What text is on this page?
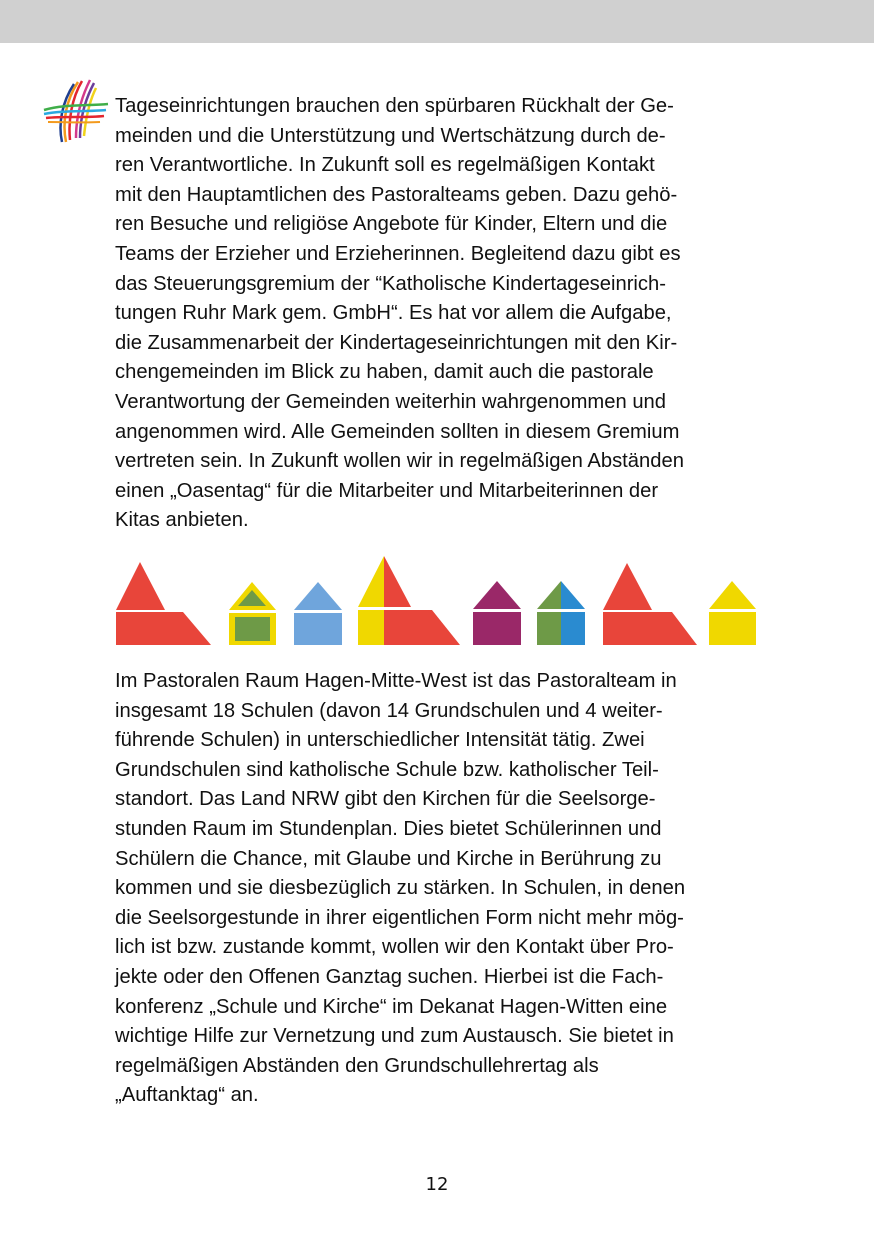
Tageseinrichtungen brauchen den spürbaren Rückhalt der Ge-
meinden und die Unterstützung und Wertschätzung durch de-
ren Verantwortliche. In Zukunft soll es regelmäßigen Kontakt
mit den Hauptamtlichen des Pastoralteams geben. Dazu gehö-
ren Besuche und religiöse Angebote für Kinder, Eltern und die
Teams der Erzieher und Erzieherinnen. Begleitend dazu gibt es
das Steuerungsgremium der “Katholische Kindertageseinrich-
tungen Ruhr Mark gem. GmbH“. Es hat vor allem die Aufgabe,
die Zusammenarbeit der Kindertageseinrichtungen mit den Kir-
chengemeinden im Blick zu haben, damit auch die pastorale
Verantwortung der Gemeinden weiterhin wahrgenommen und
angenommen wird. Alle Gemeinden sollten in diesem Gremium
vertreten sein. In Zukunft wollen wir in regelmäßigen Abständen
einen „Oasentag“ für die Mitarbeiter und Mitarbeiterinnen der
Kitas anbieten.
Im Pastoralen Raum Hagen-Mitte-West ist das Pastoralteam in
insgesamt 18 Schulen (davon 14 Grundschulen und 4 weiter-
führende Schulen) in unterschiedlicher Intensität tätig. Zwei
Grundschulen sind katholische Schule bzw. katholischer Teil-
standort. Das Land NRW gibt den Kirchen für die Seelsorge-
stunden Raum im Stundenplan. Dies bietet Schülerinnen und
Schülern die Chance, mit Glaube und Kirche in Berührung zu
kommen und sie diesbezüglich zu stärken. In Schulen, in denen
die Seelsorgestunde in ihrer eigentlichen Form nicht mehr mög-
lich ist bzw. zustande kommt, wollen wir den Kontakt über Pro-
jekte oder den Offenen Ganztag suchen. Hierbei ist die Fach-
konferenz „Schule und Kirche“ im Dekanat Hagen-Witten eine
wichtige Hilfe zur Vernetzung und zum Austausch. Sie bietet in
regelmäßigen Abständen den Grundschullehrertag als
„Auftanktag“ an.
12
